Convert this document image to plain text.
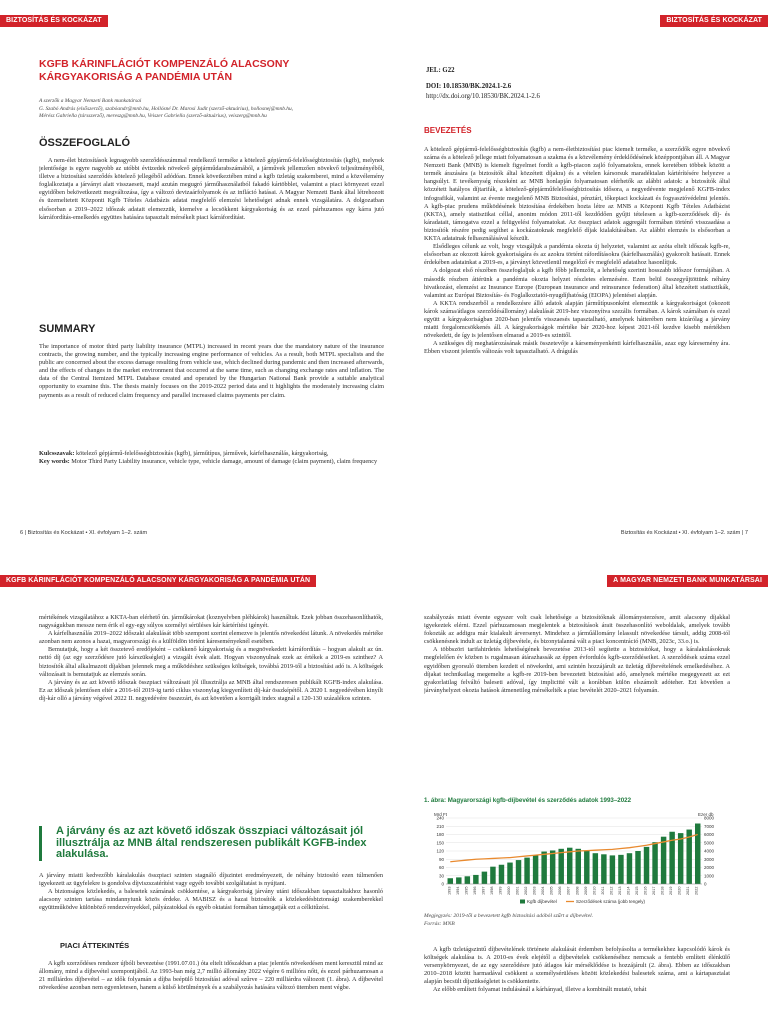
BIZTOSÍTÁS ÉS KOCKÁZAT
KGFB KÁRINFLÁCIÓT KOMPENZÁLÓ ALACSONY KÁRGYAKORISÁG A PANDÉMIA UTÁN
A szerzők a Magyar Nemzeti Bank munkatársai
G. Szabó András (elsőszerző), szabóandr@mnb.hu, Hollósné Dr. Marosi Judit (szerző-aktuárius), hollosnej@mnb.hu,
Mérész Gabriella (társszerző), mereszg@mnb.hu, Veiszer Gabriella (szerző-aktuárius), veiszerg@mnb.hu
ÖSSZEFOGLALÓ

A nem-élet biztosítások legnagyobb szerződésszámmal rendelkező terméke a kötelező gépjármű-felelősségbiztosítás (kgfb), melynek jelentősége is egyre nagyobb az utóbbi évtizedek növekvő gépjárműdarabszámából, a járművek jellemzően növekvő teljesítményéből, illetve a biztosítási szerződés kötelező jellegéből adódóan. Ennek következtében mind a kgfb üzletág szakemberei, mind a közvélemény foglalkoztatja a járványt alatt visszaesett, majd azután megugró járműhasználatból fakadó kártöbblet, valamint a piaci környezet ezzel egyidőben bekövetkezett megváltozása, így a változó devizaárfolyamok és az infláció hatásai. A Magyar Nemzeti Bank által létrehozott és üzemeltetett Központi Kgfb Tételes Adatbázis adatai megfelelő elemzési lehetőséget adnak ennek vizsgálatára. A dolgozatban elsősorban a 2019–2022 időszak adatait elemezzük, kiemelve a lecsökkent kárgyakoriság és az ezzel párhuzamos egy kárra jutó kárráfordítás-emelkedés együttes hatására tapasztalt mérsékelt piaci kárráfordítást.

SUMMARY

The importance of motor third party liability insurance (MTPL) increased in recent years due the mandatory nature of the insurance contracts, the growing number, and the typically increasing engine performance of vehicles. As a result, both MTPL specialists and the public are concerned about the excess damage resulting from vehicle use, which declined during pandemic and then increased afterwards, and the effects of changes in the market environment that occurred at the same time, such as changing exchange rates and inflation. The data of the Central Itemized MTPL Database created and operated by the Hungarian National Bank provide a suitable analytical opportunity to examine this. The thesis mainly focuses on the 2019-2022 period data and it highlights the moderately increasing claim payments as a result of reduced claim frequency and parallel increased claims payments per claim.

Kulcsszavak: kötelező gépjármű-felelősségbiztosítás (kgfb), járműtípus, járművek, kárfelhasználás, kárgyakoriság,
Key words: Motor Third Party Liability insurance, vehicle type, vehicle damage, amount of damage (claim payment), claim frequency
6 | Biztosítás és Kockázat • XI. évfolyam 1–2. szám
BIZTOSÍTÁS ÉS KOCKÁZAT
JEL: G22
DOI: 10.18530/BK.2024.1-2.6
http://dx.doi.org/10.18530/BK.2024.1-2.6
BEVEZETÉS

A kötelező gépjármű-felelősségbiztosítás (kgfb) a nem-életbiztosítási piac kiemelt terméke, a szerződők egyre növekvő száma és a kötelező jellege miatt folyamatosan a szakma és a közvélemény érdeklődésének középpontjában áll. A Magyar Nemzeti Bank (MNB) is kiemelt figyelmet fordít a kgfb-piacon zajló folyamatokra, ennek keretében többek között a termék árazására (a biztosítók által közzétett díjakra) és a vételen kársorsuk maradéktalan kártérítésére helyezve a hangsúlyt. E tevékenység részeként az MNB honlapján folyamatosan elérhetők az alábbi adatok: a biztosítók által közzétett hatályos díjtarifák, a kötelező-gépjárműfelelősségbiztosítás idősora, a negyedévente megjelenő KGFB-index infografikái, valamint az évente megjelenő MNB Biztosítási, pénztári, tőkepiaci kockázati és fogyasztóvédelmi jelentés. A kgfb-piac prudens működésének biztosítása érdekében hozta létre az MNB a Központi Kgfb Tételes Adatbázist (KKTA), amely statisztikai céllal, anonim módon 2011-től kezdődően gyűjti tételesen a kgfb-szerződések díj- és káradatait, támogatva ezzel a felügyelési folyamatokat. Az összpiaci adatok aggregált formában történő visszaadása a biztosítók részére pedig segíthet a kockázatoknak megfelelő díjak kialakításában. Az alábbi elemzés is elsősorban a KKTA adatainak felhasználásával készült.

Elsődleges célunk az volt, hogy vizsgáljuk a pandémia okozta új helyzetet, valamint az azóta eltelt időszak kgfb-re, elsősorban az okozott károk gyakoriságára és az azokra történt ráfordításokra (kárfelhasználás) gyakorolt hatásait. Ennek érdekében adatainkat a 2019-es, a járványt közvetlenül megelőző év megfelelő adataihoz hasonlítjuk.

A dolgozat első részében összefoglaljuk a kgfb főbb jellemzőit, a lehetőség szerinti hosszabb időszor formájában. A második részben áttérünk a pandémia okozta helyzet részletes elemzésére. Ezen belül összegyűjtöttünk néhány hivatkozást, elemzést az Insurance Europe (European insurance and reinsurance federation) által közzétett statisztikák, valamint az Európai Biztosítás- és Foglalkoztatói-nyugdíjhatóság (EIOPA) jelentései alapján.

A KKTA rendszerből a rendelkezésre álló adatok alapján járműtípusonként elemeztük a kárgyakoriságot (okozott károk száma/átlagos szerződésállomány) alakulását 2019-hez viszonyítva szezális formában. A károk számában és ezzel együtt a kárgyakoriságban 2020-ban jelentős visszaesés tapasztalható, amelynek hátterében nem kizárólag a járvány miatti forgalomcsökkenés áll. A kárgyakoriságok mértéke bár 2020-hoz képest 2021-től kezdve kisebb mértékben növekedett, de így is jelentősen elmarad a 2019-es szinttől.

A szükséges díj meghatározásának másik összetevője a kárseményenkénti kárfelhasználás, azaz egy káresemény ára. Ebben viszont jelentős változás volt tapasztalható. A drágulás

Biztosítás és Kockázat • XI. évfolyam 1–2. szám | 7
KGFB KÁRINFLÁCIÓT KOMPENZÁLÓ ALACSONY KÁRGYAKORISÁG A PANDÉMIA UTÁN

mértékének vizsgálatához a KKTA-ban elérhető ún. járműkárokat (koznyelvben pléhkárok) használtuk. Ezek jobban összehasonlíthatók, nagyságukban messze nem érik el egy-egy súlyos személyi sérüléses kár kártérítési igényét.

A kárfelhasználás 2019–2022 időszaki alakulását több szempont szerint elemezve is jelentős növekedést látunk. A növekedés mértéke azonban nem azonos a hazai, magyarországi és a külföldön történt káreseményeknél esetében.

Bemutatjuk, hogy a két összetevő eredőjeként – csökkenő kárgyakoriság és a megnövekedett kárráfordítás – hogyan alakult az ún. nettó díj (az egy szerződésre jutó kárszükséglet) a vizsgált évek alatt. Hogyan viszonyulnak ezek az értékek a 2019-es szinthez? A biztosítók által alkalmazott díjakban jelennek meg a működéshez szükséges költségek, továbbá 2019-től a biztosítási adó is. A költségek változásait is bemutatjuk az elemzés során.

A járvány és az azt követő időszak összpiaci változásait jól illusztrálja az MNB által rendszeresen publikált KGFB-index alakulása. Ez az időszak jelentősen eltér a 2016-tól 2019-ig tartó ciklus viszonylag kiegyenlített díj-kár összképétől. A 2020 I. negyedévében kinyílt díj-kár olló a járvány végével 2022 II. negyedévére összezárt, és azt követően a korrigált index stagnál a 120-130 százalékos szinten.

A járvány és az azt követő időszak összpiaci változásait jól illusztrálja az MNB által rendszeresen publikált KGFB-index alakulása.

A járvány miatti kedvezőbb káralakulás összpiaci szinten stagnáló díjszintet eredményezett, de néhány biztosító ezen túlmenően igyekezett az ügyfelekre is gondolva díjviszszatérítést vagy egyéb további szolgáltatást is nyújtani.

A biztonságos közlekedés, a balesetek számának csökkentése, a kárgyakoriság járvány utáni időszakban tapasztaltakhoz hasonló alacsony szinten tartása mindannyiunk közös érdeke. A MABISZ és a hazai biztosítók a közlekedésbiztonsági szakemberekkel együttműködve különböző rendezvényekkel, pályázatokkal és egyéb oktatási formában támogatják ezt a célkitűzést.

PIACI ÁTTEKINTÉS

A kgfb szerződéses rendszer újbóli bevezetése (1991.07.01.) óta eltelt időszakban a piac jelentős növekedésen ment keresztül mind az állomány, mind a díjbevétel szempontjából. Az 1993-ban még 2,7 millió állomány 2022 végére 6 millióra nőtt, és ezzel párhuzamosan a 21 milliárdos díjbevétel – az idők folyamán a díjba beépülő biztosítási adóval szűrve – 220 milliárdra változott (1. ábra). A díjbevétel növekedése azonban nem egyenletesen, hanem a külső körülmények és a szabályozás hatására változó ütemben ment végbe.

A MAGYAR NEMZETI BANK MUNKATÁRSAI

szabályozás miatt évente egyszer volt csak lehetősége a biztosítóknak állománysterzésre, amit alacsony díjakkal igyekeztek elérni. Ezzel párhuzamosan megjelentek a biztosítások árait összehasonlító weboldalak, amelyek tovább fokozták az addigra már kialakult árversenyt. Mindehez a járműállomány lelassult növekedése társult, addig 2008-tól csökkenésnek indult az üzletág díjbevétele, és bizonytalanná vált a piaci koncentráció (MNB, 2023c, 33.o.) is.

A többszöri tarifahirdetés lehetőségének bevezetése 2013-tól segítette a biztosítókat, hogy a káralakulásoknak megfelelően év közben is rugalmasan átárazhassák az éppen évfordulós kgfb-szerződéseiket. A szerződések száma ezzel egyidőben gyorsuló ütemben kezdett el növekedni, ami szintén hozzájárult az üzletág díjbevételének emelkedéséhez. A díjakat technikailag megemelte a kgfb-re 2019-ben bevezetett biztosítási adó, amelynek mértéke megegyezett az ezt gyakorlatilag felváltó baleseti adóval, így implicitté vált a korábban külön elszámolt adóteher. Ezt követően a járványhelyzet okozta hatások átmenetileg mérsékelték a piac bevételét 2020–2021 folyamán.

1. ábra: Magyarországi kgfb-díjbevétel és szerződés adatok 1993–2022
0
30
60
90
120
150
180
210
240
0
1000
2000
3000
4000
5000
6000
7000
8000
Mrd Ft	Ezer db
1993 1994 1995 1996 1997 1998 1999 2000 2001 2002 2003 2004 2005 2006 2007 2008 2009 2010 2011 2012 2013 2014 2015 2016 2017 2018 2019 2020 2021 2022
Kgfb díjbevétel	Szerződések száma (jobb tengely)
Megjegyzés: 2019-től a bevezetett kgfb biztosítási adóból szűrt a díjbevétel.
Forrás: MNB

A kgfb üzletágszintű díjbevételének története alakulását érdemben befolyásolta a termékekhez kapcsolódó károk és költségek alakulása is. A 2010-es évek elejétől a díjbevételek csökkenéséhez nemcsak a fentebb említett élénkülő versenykörnyezet, de az egy szerződésre jutó átlagos kár mérséklődése is hozzájárult (2. ábra). Ebben az időszakban 2010–2018 között harmadával csökkent a személysérüléses között közlekedési balesetek száma, ami a kártapasztalat alapján becsült díjszükségletet is csökkentette.

Az előbb említett folyamat indulásánál a kárhányad, illetve a kombinált mutató, tehát
